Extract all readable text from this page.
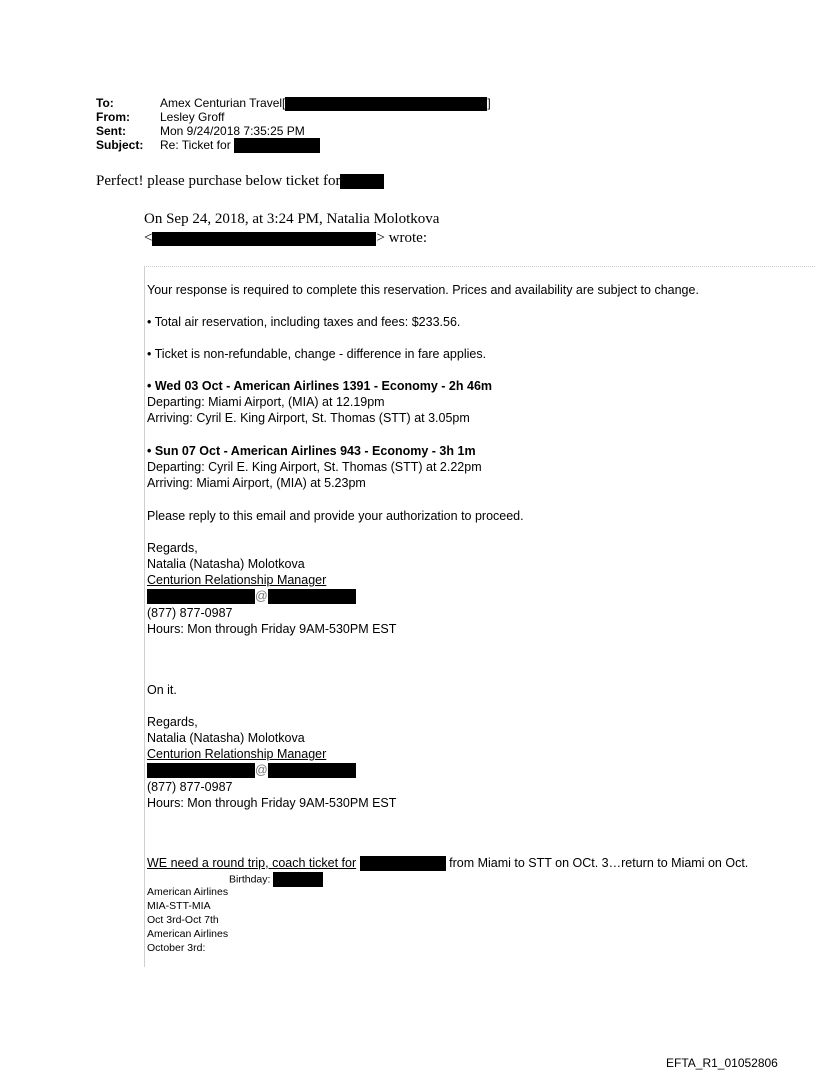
To:	Amex Centurian Travel[	]
From:	Lesley Groff
Sent:	Mon 9/24/2018 7:35:25 PM
Subject:	Re: Ticket for
Perfect! please purchase below ticket for
On Sep 24, 2018, at 3:24 PM, Natalia Molotkova
<	> wrote:
Your response is required to complete this reservation. Prices and availability are subject to change.
• Total air reservation, including taxes and fees: $233.56.
• Ticket is non-refundable, change - difference in fare applies.
• Wed 03 Oct - American Airlines 1391 - Economy - 2h 46m
Departing: Miami Airport, (MIA) at 12.19pm
Arriving: Cyril E. King Airport, St. Thomas (STT) at 3.05pm
• Sun 07 Oct - American Airlines 943 - Economy - 3h 1m
Departing: Cyril E. King Airport, St. Thomas (STT) at 2.22pm
Arriving: Miami Airport, (MIA) at 5.23pm
Please reply to this email and provide your authorization to proceed.
Regards,
Natalia (Natasha) Molotkova
Centurion Relationship Manager
@
(877) 877-0987
Hours: Mon through Friday 9AM-530PM EST
On it.
Regards,
Natalia (Natasha) Molotkova
Centurion Relationship Manager
@
(877) 877-0987
Hours: Mon through Friday 9AM-530PM EST
WE need a round trip, coach ticket for	from Miami to STT on OCt. 3…return to Miami on Oct.
Birthday:
American Airlines
MIA-STT-MIA
Oct 3rd-Oct 7th
American Airlines
October 3rd:
EFTA_R1_01052806
